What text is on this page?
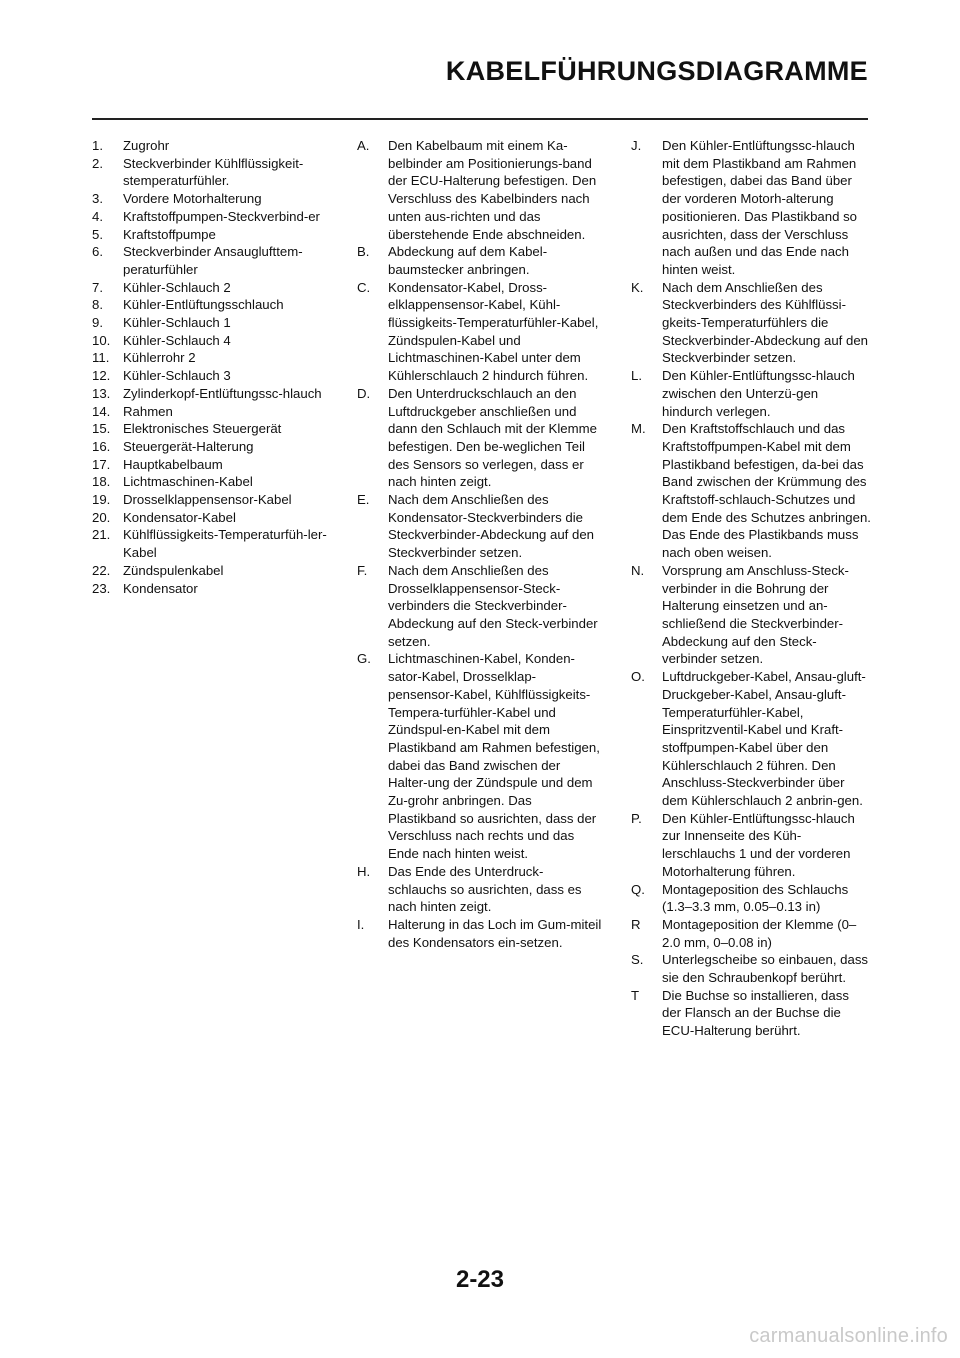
KABELFÜHRUNGSDIAGRAMME
1.	Zugrohr
2.	Steckverbinder Kühlflüssigkeit-stemperaturfühler.
3.	Vordere Motorhalterung
4.	Kraftstoffpumpen-Steckverbind-er
5.	Kraftstoffpumpe
6.	Steckverbinder Ansauglufttem-peraturfühler
7.	Kühler-Schlauch 2
8.	Kühler-Entlüftungsschlauch
9.	Kühler-Schlauch 1
10. Kühler-Schlauch 4
11.	Kühlerrohr 2
12. Kühler-Schlauch 3
13. Zylinderkopf-Entlüftungssc-hlauch
14. Rahmen
15. Elektronisches Steuergerät
16. Steuergerät-Halterung
17. Hauptkabelbaum
18. Lichtmaschinen-Kabel
19. Drosselklappensensor-Kabel
20. Kondensator-Kabel
21. Kühlflüssigkeits-Temperaturfüh-ler-Kabel
22. Zündspulenkabel
23. Kondensator
A.	Den Kabelbaum mit einem Ka-belbinder am Positionierungs-band der ECU-Halterung befestigen. Den Verschluss des Kabelbinders nach unten aus-richten und das überstehende Ende abschneiden.
B.	Abdeckung auf dem Kabel-baumstecker anbringen.
C.	Kondensator-Kabel, Dross-elklappensensor-Kabel, Kühl-flüssigkeits-Temperaturfühler-Kabel, Zündspulen-Kabel und Lichtmaschinen-Kabel unter dem Kühlerschlauch 2 hindurch führen.
D.	Den Unterdruckschlauch an den Luftdruckgeber anschließen und dann den Schlauch mit der Klemme befestigen. Den be-weglichen Teil des Sensors so verlegen, dass er nach hinten zeigt.
E.	Nach dem Anschließen des Kondensator-Steckverbinders die Steckverbinder-Abdeckung auf den Steckverbinder setzen.
F.	Nach dem Anschließen des Drosselklappensensor-Steck-verbinders die Steckverbinder-Abdeckung auf den Steck-verbinder setzen.
G.	Lichtmaschinen-Kabel, Konden-sator-Kabel, Drosselklap-pensensor-Kabel, Kühlflüssigkeits-Tempera-turfühler-Kabel und Zündspul-en-Kabel mit dem Plastikband am Rahmen befestigen, dabei das Band zwischen der Halter-ung der Zündspule und dem Zu-grohr anbringen. Das Plastikband so ausrichten, dass der Verschluss nach rechts und das Ende nach hinten weist.
H.	Das Ende des Unterdruck-schlauchs so ausrichten, dass es nach hinten zeigt.
I.	Halterung in das Loch im Gum-miteil des Kondensators ein-setzen.
J.	Den Kühler-Entlüftungssc-hlauch mit dem Plastikband am Rahmen befestigen, dabei das Band über der vorderen Motorh-alterung positionieren. Das Plastikband so ausrichten, dass der Verschluss nach außen und das Ende nach hinten weist.
K.	Nach dem Anschließen des Steckverbinders des Kühlflüssi-gkeits-Temperaturfühlers die Steckverbinder-Abdeckung auf den Steckverbinder setzen.
L.	Den Kühler-Entlüftungssc-hlauch zwischen den Unterzü-gen hindurch verlegen.
M.	Den Kraftstoffschlauch und das Kraftstoffpumpen-Kabel mit dem Plastikband befestigen, da-bei das Band zwischen der Krümmung des Kraftstoff-schlauch-Schutzes und dem Ende des Schutzes anbringen. Das Ende des Plastikbands muss nach oben weisen.
N.	Vorsprung am Anschluss-Steck-verbinder in die Bohrung der Halterung einsetzen und an-schließend die Steckverbinder-Abdeckung auf den Steck-verbinder setzen.
O.	Luftdruckgeber-Kabel, Ansau-gluft-Druckgeber-Kabel, Ansau-gluft-Temperaturfühler-Kabel, Einspritzventil-Kabel und Kraft-stoffpumpen-Kabel über den Kühlerschlauch 2 führen. Den Anschluss-Steckverbinder über dem Kühlerschlauch 2 anbrin-gen.
P.	Den Kühler-Entlüftungssc-hlauch zur Innenseite des Küh-lerschlauchs 1 und der vorderen Motorhalterung führen.
Q.	Montageposition des Schlauchs (1.3–3.3 mm, 0.05–0.13 in)
R	Montageposition der Klemme (0–2.0 mm, 0–0.08 in)
S.	Unterlegscheibe so einbauen, dass sie den Schraubenkopf berührt.
T	Die Buchse so installieren, dass der Flansch an der Buchse die ECU-Halterung berührt.
2-23
carmanualsonline.info
